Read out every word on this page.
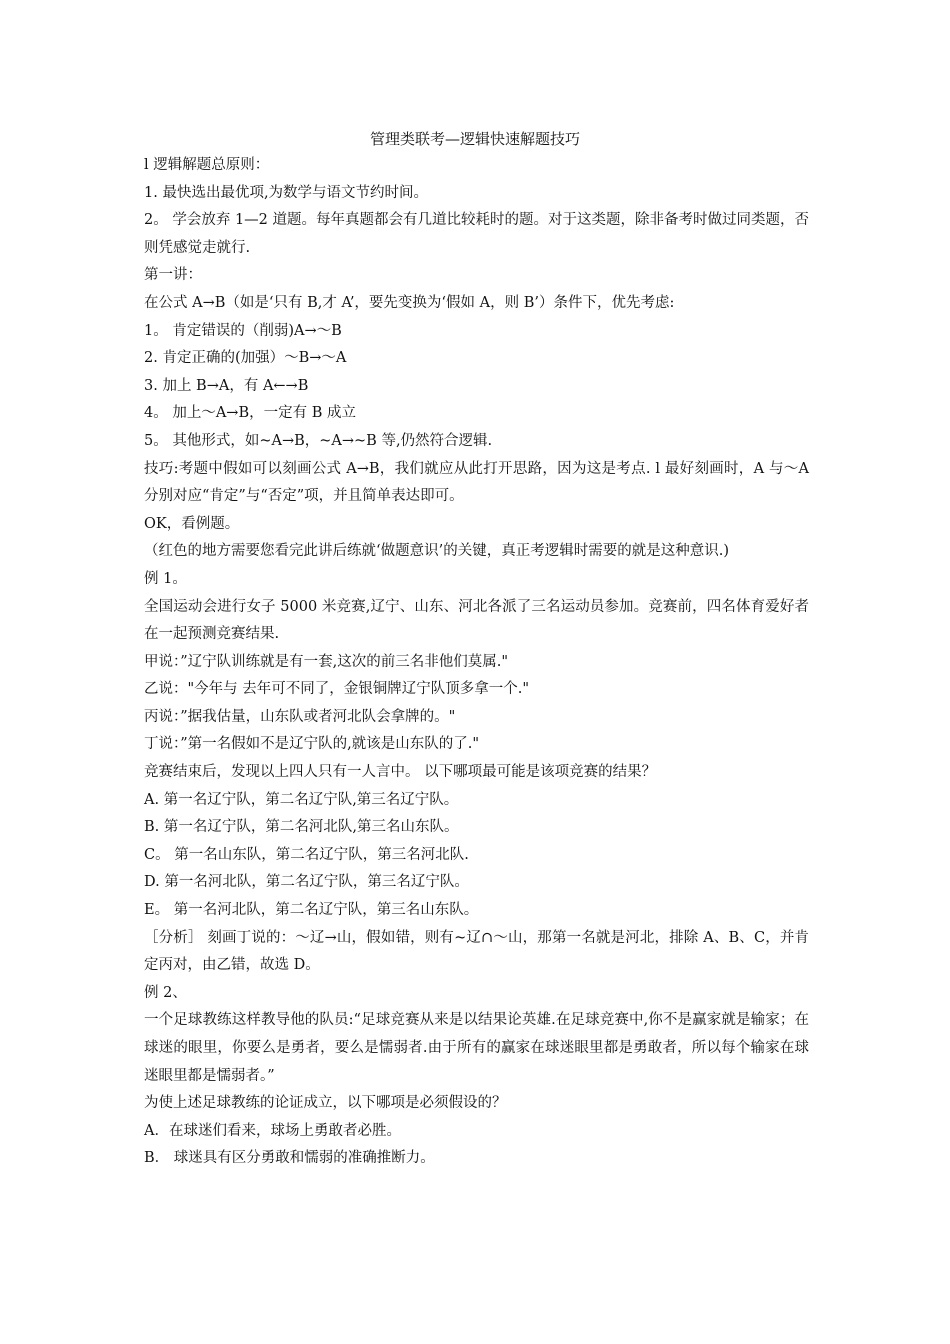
管理类联考—逻辑快速解题技巧

l 逻辑解题总原则：

1. 最快选出最优项,为数学与语文节约时间。

2。 学会放弃 1—2 道题。每年真题都会有几道比较耗时的题。对于这类题，除非备考时做过同类题，否则凭感觉走就行.

第一讲：

在公式 A→B（如是‘只有 B,才 A’，要先变换为‘假如 A，则 B’）条件下，优先考虑:

1。 肯定错误的（削弱)A→～B

2. 肯定正确的(加强）～B→～A

3. 加上 B→A，有 A←→B

4。 加上～A→B，一定有 B 成立

5。 其他形式，如~A→B，~A→~B 等,仍然符合逻辑.

技巧:考题中假如可以刻画公式 A→B，我们就应从此打开思路，因为这是考点. l 最好刻画时，A 与～A 分别对应“肯定”与“否定”项，并且简单表达即可。

OK，看例题。

（红色的地方需要您看完此讲后练就‘做题意识’的关键，真正考逻辑时需要的就是这种意识.)

例 1。

全国运动会进行女子 5000 米竞赛,辽宁、山东、河北各派了三名运动员参加。竞赛前，四名体育爱好者在一起预测竞赛结果.

甲说：”辽宁队训练就是有一套,这次的前三名非他们莫属."

乙说："今年与 去年可不同了，金银铜牌辽宁队顶多拿一个."

丙说：”据我估量，山东队或者河北队会拿牌的。"

丁说：”第一名假如不是辽宁队的,就该是山东队的了."

竞赛结束后，发现以上四人只有一人言中。 以下哪项最可能是该项竞赛的结果？

A. 第一名辽宁队，第二名辽宁队,第三名辽宁队。

B. 第一名辽宁队，第二名河北队,第三名山东队。

C。 第一名山东队，第二名辽宁队，第三名河北队.

D. 第一名河北队，第二名辽宁队，第三名辽宁队。

E。 第一名河北队，第二名辽宁队，第三名山东队。

［分析］ 刻画丁说的：～辽→山，假如错，则有~辽∩～山，那第一名就是河北，排除 A、B、C，并肯定丙对，由乙错，故选 D。

例 2、

一个足球教练这样教导他的队员:“足球竞赛从来是以结果论英雄.在足球竞赛中,你不是赢家就是输家；在球迷的眼里，你要么是勇者，要么是懦弱者.由于所有的赢家在球迷眼里都是勇敢者，所以每个输家在球迷眼里都是懦弱者。”

为使上述足球教练的论证成立，以下哪项是必须假设的？

A．在球迷们看来，球场上勇敢者必胜。

B． 球迷具有区分勇敢和懦弱的准确推断力。
